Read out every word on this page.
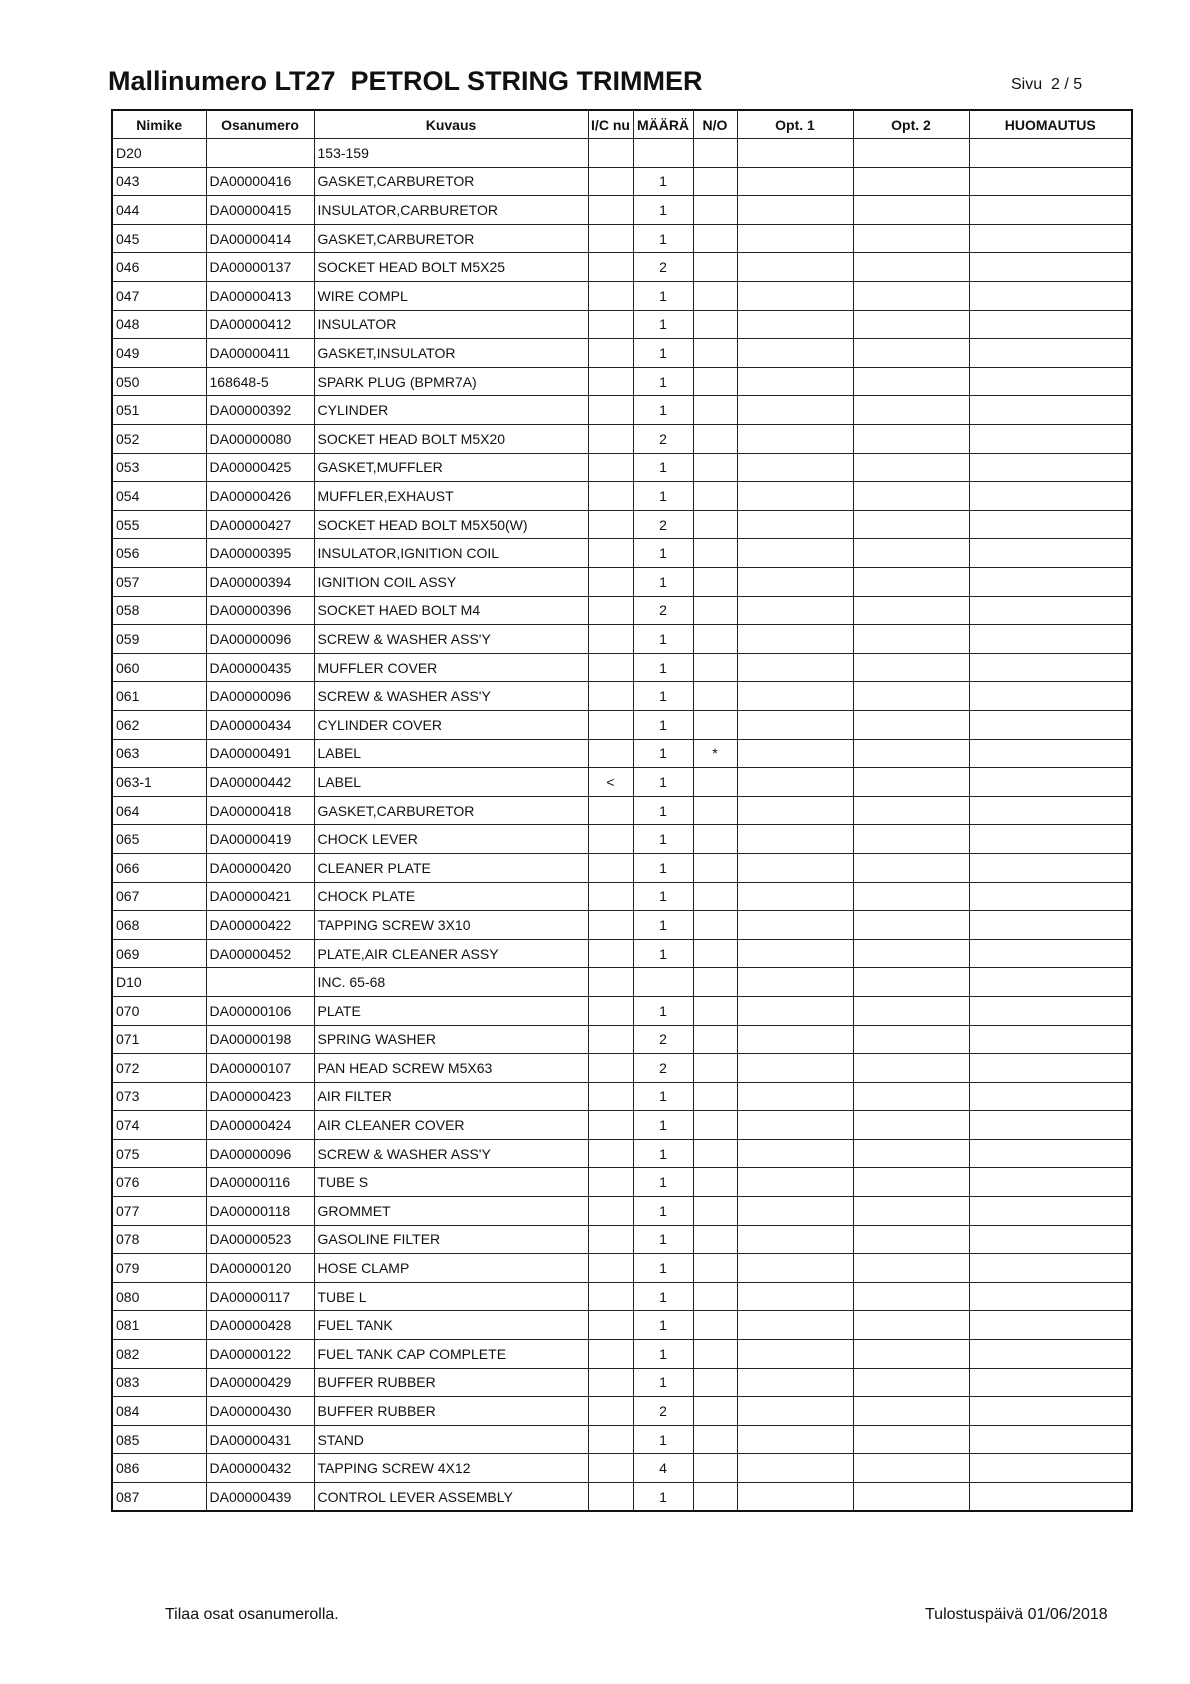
Mallinumero LT27  PETROL STRING TRIMMER	Sivu  2 / 5
Nimike	Osanumero	Kuvaus	I/C nu	MÄÄRÄ	N/O	Opt. 1	Opt. 2	HUOMAUTUS
D20		153-159						
043	DA00000416	GASKET,CARBURETOR		1				
044	DA00000415	INSULATOR,CARBURETOR		1				
045	DA00000414	GASKET,CARBURETOR		1				
046	DA00000137	SOCKET HEAD BOLT M5X25		2				
047	DA00000413	WIRE COMPL		1				
048	DA00000412	INSULATOR		1				
049	DA00000411	GASKET,INSULATOR		1				
050	168648-5	SPARK PLUG (BPMR7A)		1				
051	DA00000392	CYLINDER		1				
052	DA00000080	SOCKET HEAD BOLT M5X20		2				
053	DA00000425	GASKET,MUFFLER		1				
054	DA00000426	MUFFLER,EXHAUST		1				
055	DA00000427	SOCKET HEAD BOLT M5X50(W)		2				
056	DA00000395	INSULATOR,IGNITION COIL		1				
057	DA00000394	IGNITION COIL ASSY		1				
058	DA00000396	SOCKET HAED BOLT M4		2				
059	DA00000096	SCREW & WASHER ASS'Y		1				
060	DA00000435	MUFFLER COVER		1				
061	DA00000096	SCREW & WASHER ASS'Y		1				
062	DA00000434	CYLINDER COVER		1				
063	DA00000491	LABEL		1	*			
063-1	DA00000442	LABEL	<	1				
064	DA00000418	GASKET,CARBURETOR		1				
065	DA00000419	CHOCK LEVER		1				
066	DA00000420	CLEANER PLATE		1				
067	DA00000421	CHOCK PLATE		1				
068	DA00000422	TAPPING SCREW 3X10		1				
069	DA00000452	PLATE,AIR CLEANER ASSY		1				
D10		INC. 65-68						
070	DA00000106	PLATE		1				
071	DA00000198	SPRING WASHER		2				
072	DA00000107	PAN HEAD SCREW M5X63		2				
073	DA00000423	AIR FILTER		1				
074	DA00000424	AIR CLEANER COVER		1				
075	DA00000096	SCREW & WASHER ASS'Y		1				
076	DA00000116	TUBE S		1				
077	DA00000118	GROMMET		1				
078	DA00000523	GASOLINE FILTER		1				
079	DA00000120	HOSE CLAMP		1				
080	DA00000117	TUBE L		1				
081	DA00000428	FUEL TANK		1				
082	DA00000122	FUEL TANK CAP COMPLETE		1				
083	DA00000429	BUFFER RUBBER		1				
084	DA00000430	BUFFER RUBBER		2				
085	DA00000431	STAND		1				
086	DA00000432	TAPPING SCREW 4X12		4				
087	DA00000439	CONTROL LEVER ASSEMBLY		1				
Tilaa osat osanumerolla.	Tulostuspäivä 01/06/2018
